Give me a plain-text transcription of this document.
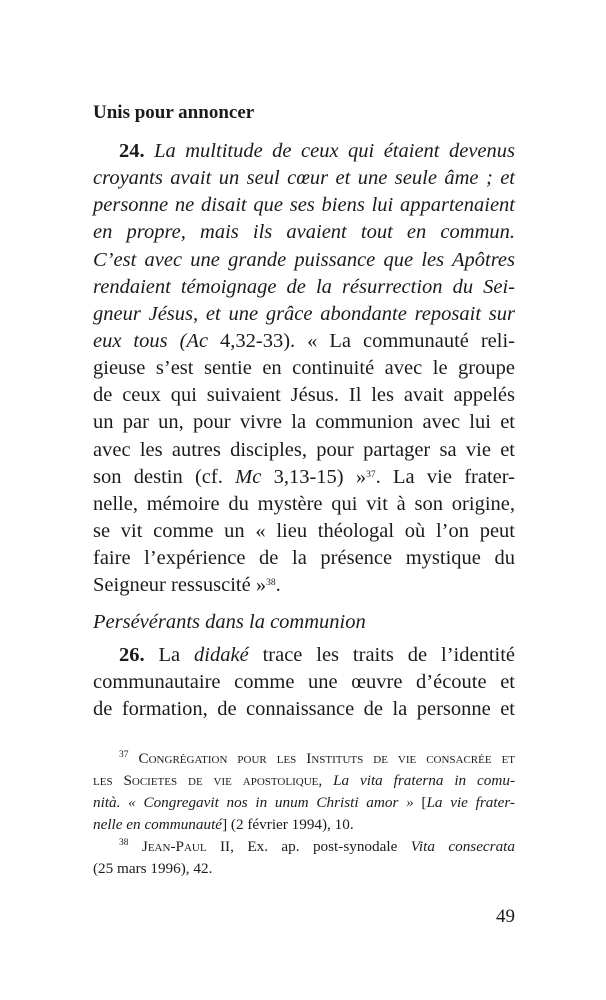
Unis pour annoncer
24. La multitude de ceux qui étaient devenus
croyants avait un seul cœur et une seule âme ; et
personne ne disait que ses biens lui appartenaient
en propre, mais ils avaient tout en commun.
C’est avec une grande puissance que les Apôtres
rendaient témoignage de la résurrection du Sei-
gneur Jésus, et une grâce abondante reposait sur
eux tous (Ac 4,32-33). « La communauté reli-
gieuse s’est sentie en continuité avec le groupe
de ceux qui suivaient Jésus. Il les avait appelés
un par un, pour vivre la communion avec lui et
avec les autres disciples, pour partager sa vie et
son destin (cf. Mc 3,13-15) »$^{37}$. La vie frater-
nelle, mémoire du mystère qui vit à son origine,
se vit comme un « lieu théologal où l’on peut
faire l’expérience de la présence mystique du
Seigneur ressuscité »$^{38}$.
Persévérants dans la communion
26. La didaké trace les traits de l’identité
communautaire comme une œuvre d’écoute et
de formation, de connaissance de la personne et
$^{37}$ Congrégation pour les Instituts de vie consacrée et
les Societes de vie apostolique, La vita fraterna in comu-
nità. « Congregavit nos in unum Christi amor » [La vie frater-
nelle en communauté] (2 février 1994), 10.
$^{38}$ Jean-Paul II, Ex. ap. post-synodale Vita consecrata
(25 mars 1996), 42.
49
